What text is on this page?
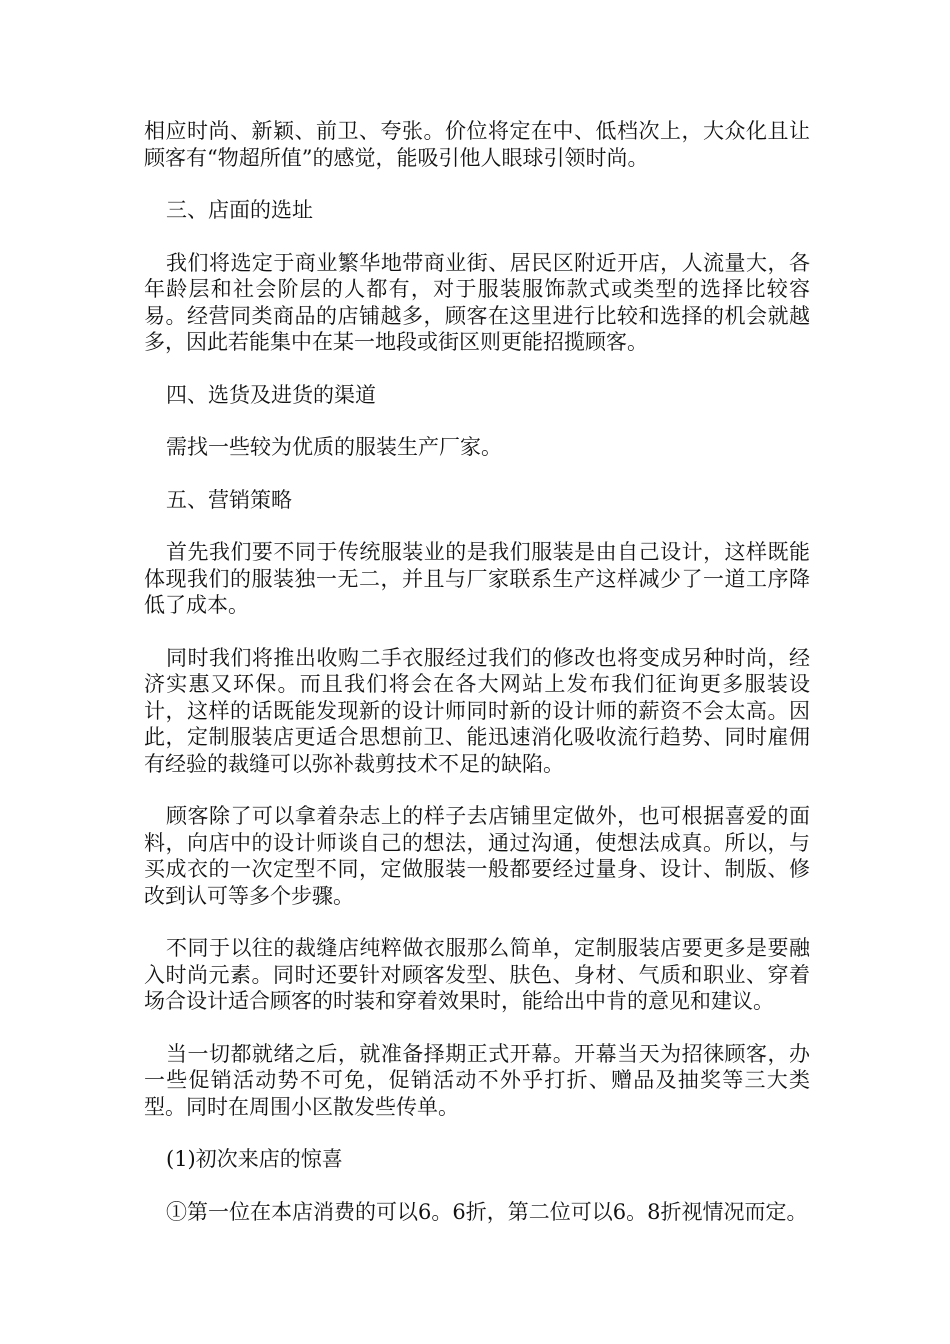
相应时尚、新颖、前卫、夸张。价位将定在中、低档次上，大众化且让顾客有“物超所值”的感觉，能吸引他人眼球引领时尚。

三、店面的选址

我们将选定于商业繁华地带商业街、居民区附近开店，人流量大，各年龄层和社会阶层的人都有，对于服装服饰款式或类型的选择比较容易。经营同类商品的店铺越多，顾客在这里进行比较和选择的机会就越多，因此若能集中在某一地段或街区则更能招揽顾客。

四、选货及进货的渠道

需找一些较为优质的服装生产厂家。

五、营销策略

首先我们要不同于传统服装业的是我们服装是由自己设计，这样既能体现我们的服装独一无二，并且与厂家联系生产这样减少了一道工序降低了成本。

同时我们将推出收购二手衣服经过我们的修改也将变成另种时尚，经济实惠又环保。而且我们将会在各大网站上发布我们征询更多服装设计，这样的话既能发现新的设计师同时新的设计师的薪资不会太高。因此，定制服装店更适合思想前卫、能迅速消化吸收流行趋势、同时雇佣有经验的裁缝可以弥补裁剪技术不足的缺陷。

顾客除了可以拿着杂志上的样子去店铺里定做外，也可根据喜爱的面料，向店中的设计师谈自己的想法，通过沟通，使想法成真。所以，与买成衣的一次定型不同，定做服装一般都要经过量身、设计、制版、修改到认可等多个步骤。

不同于以往的裁缝店纯粹做衣服那么简单，定制服装店要更多是要融入时尚元素。同时还要针对顾客发型、肤色、身材、气质和职业、穿着场合设计适合顾客的时装和穿着效果时，能给出中肯的意见和建议。

当一切都就绪之后，就准备择期正式开幕。开幕当天为招徕顾客，办一些促销活动势不可免，促销活动不外乎打折、赠品及抽奖等三大类型。同时在周围小区散发些传单。

(1)初次来店的惊喜

①第一位在本店消费的可以6。6折，第二位可以6。8折视情况而定。
